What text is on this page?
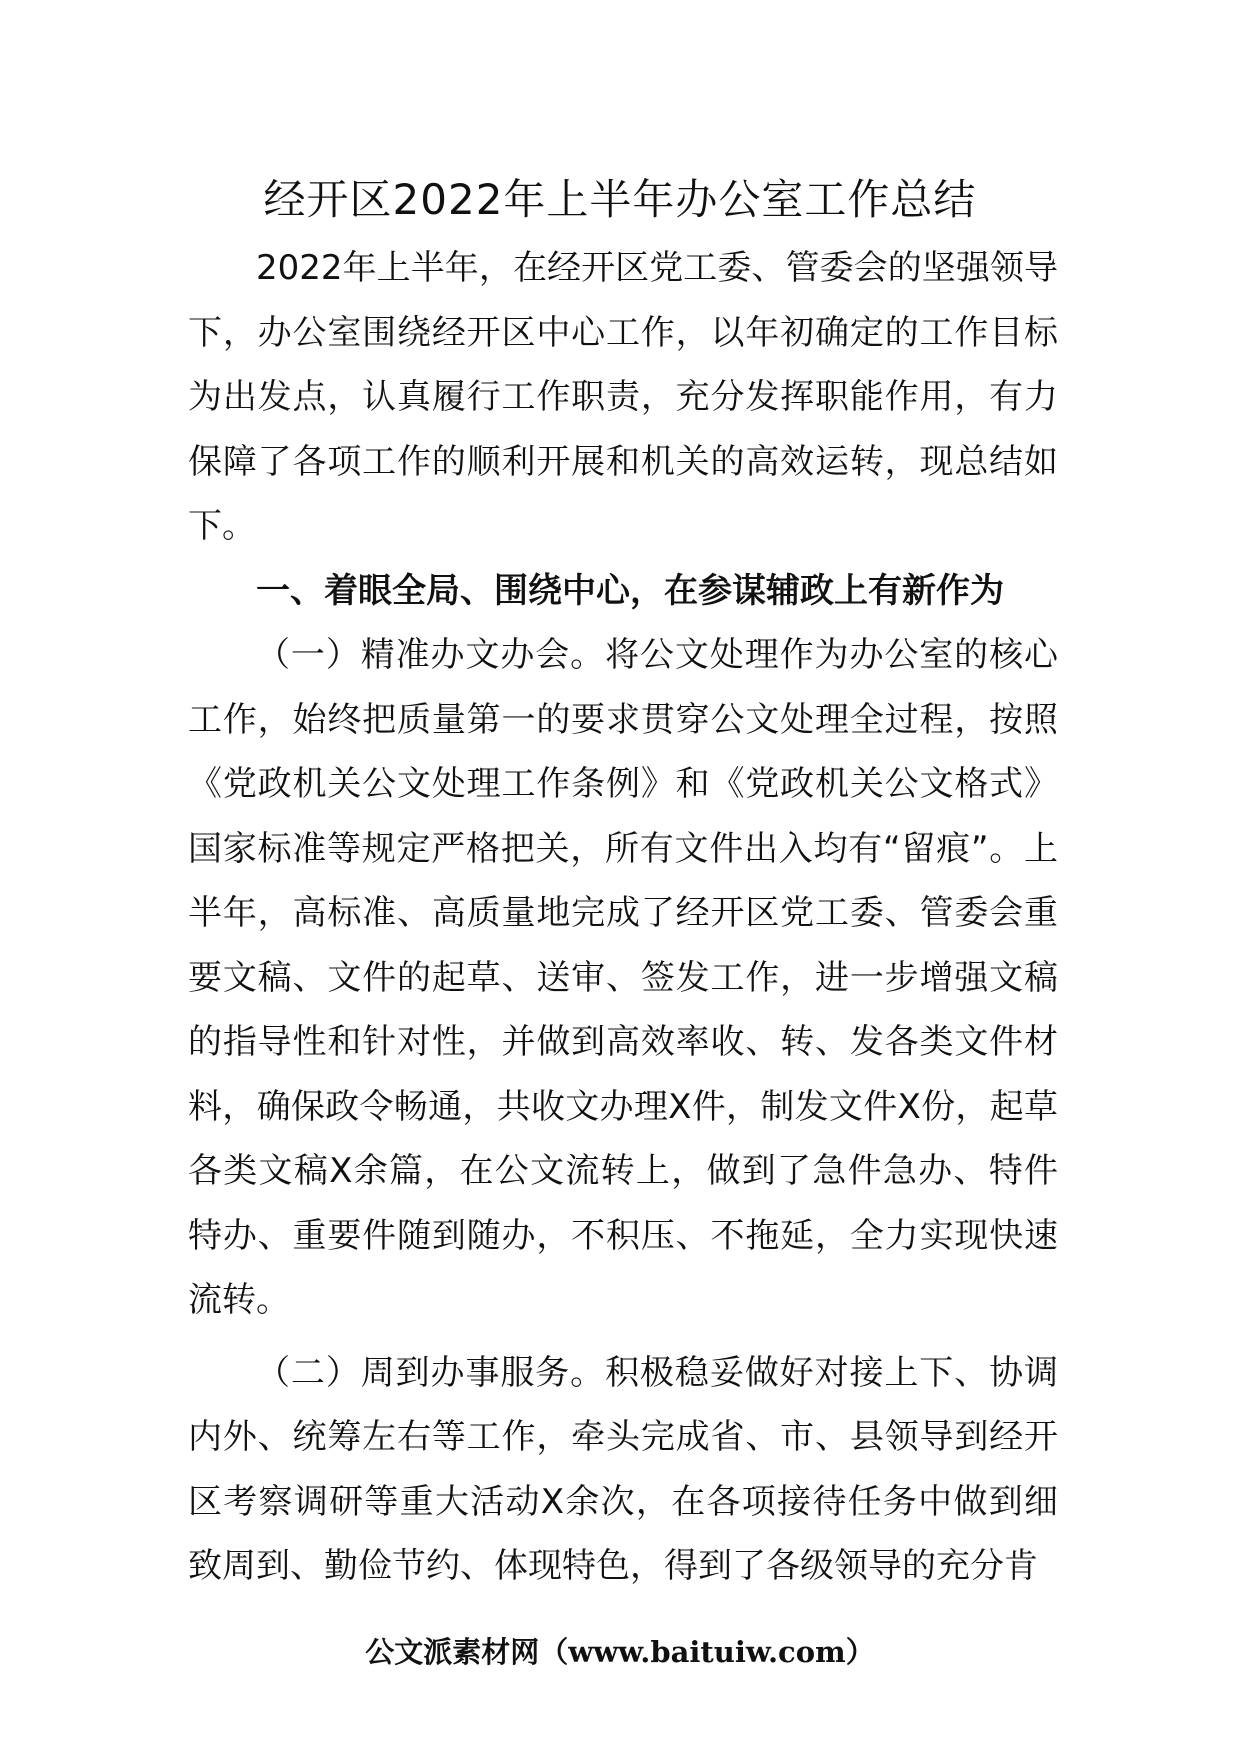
经开区2022年上半年办公室工作总结

2022年上半年，在经开区党工委、管委会的坚强领导下，办公室围绕经开区中心工作，以年初确定的工作目标为出发点，认真履行工作职责，充分发挥职能作用，有力保障了各项工作的顺利开展和机关的高效运转，现总结如下。

一、着眼全局、围绕中心，在参谋辅政上有新作为

（一）精准办文办会。将公文处理作为办公室的核心工作，始终把质量第一的要求贯穿公文处理全过程，按照《党政机关公文处理工作条例》和《党政机关公文格式》国家标准等规定严格把关，所有文件出入均有“留痕”。上半年，高标准、高质量地完成了经开区党工委、管委会重要文稿、文件的起草、送审、签发工作，进一步增强文稿的指导性和针对性，并做到高效率收、转、发各类文件材料，确保政令畅通，共收文办理X件，制发文件X份，起草各类文稿X余篇，在公文流转上，做到了急件急办、特件特办、重要件随到随办，不积压、不拖延，全力实现快速流转。

（二）周到办事服务。积极稳妥做好对接上下、协调内外、统筹左右等工作，牵头完成省、市、县领导到经开区考察调研等重大活动X余次，在各项接待任务中做到细致周到、勤俭节约、体现特色，得到了各级领导的充分肯

公文派素材网（www.baituiw.com）
